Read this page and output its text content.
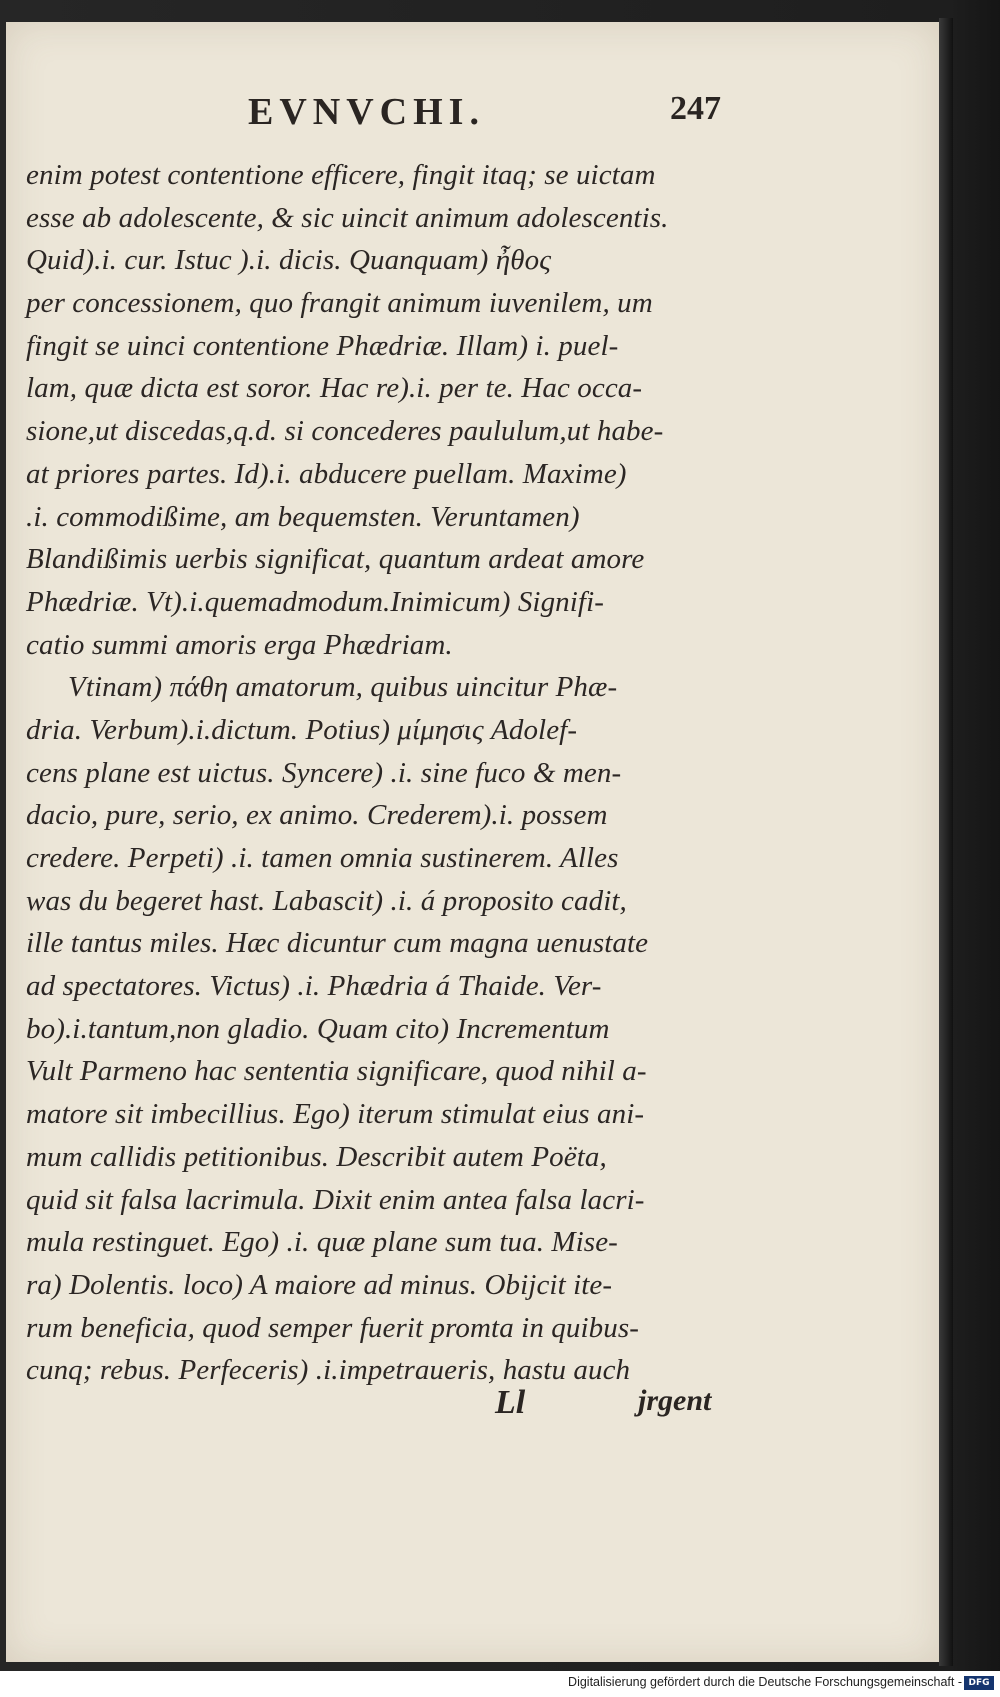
EVNVCHI.	247
enim potest contentione efficere, fingit itaq; se uictam
esse ab adolescente, & sic uincit animum adolescentis.
Quid).i. cur. Istuc ).i. dicis. Quanquam) ἦθος
per concessionem, quo frangit animum iuvenilem, um
fingit se uinci contentione Phædriæ. Illam) i. puel-
lam, quæ dicta est soror. Hac re).i. per te. Hac occa-
sione,ut discedas,q.d. si concederes paululum,ut habe-
at priores partes. Id).i. abducere puellam. Maxime)
.i. commodißime, am bequemsten. Veruntamen)
Blandißimis uerbis significat, quantum ardeat amore
Phædriæ. Vt).i.quemadmodum.Inimicum) Signifi-
catio summi amoris erga Phædriam.
Vtinam) πάθη amatorum, quibus uincitur Phæ-
dria. Verbum).i.dictum. Potius) μίμησις Adolef-
cens plane est uictus. Syncere) .i. sine fuco & men-
dacio, pure, serio, ex animo. Crederem).i. possem
credere. Perpeti) .i. tamen omnia sustinerem. Alles
was du begeret hast. Labascit) .i. á proposito cadit,
ille tantus miles. Hæc dicuntur cum magna uenustate
ad spectatores. Victus) .i. Phædria á Thaide. Ver-
bo).i.tantum,non gladio. Quam cito) Incrementum
Vult Parmeno hac sententia significare, quod nihil a-
matore sit imbecillius. Ego) iterum stimulat eius ani-
mum callidis petitionibus. Describit autem Poëta,
quid sit falsa lacrimula. Dixit enim antea falsa lacri-
mula restinguet. Ego) .i. quæ plane sum tua. Mise-
ra) Dolentis. loco) A maiore ad minus. Obijcit ite-
rum beneficia, quod semper fuerit promta in quibus-
cunq; rebus. Perfeceris) .i.impetraueris, hastu auch
Ll	jrgent
Digitalisierung gefördert durch die Deutsche Forschungsgemeinschaft - DFG
